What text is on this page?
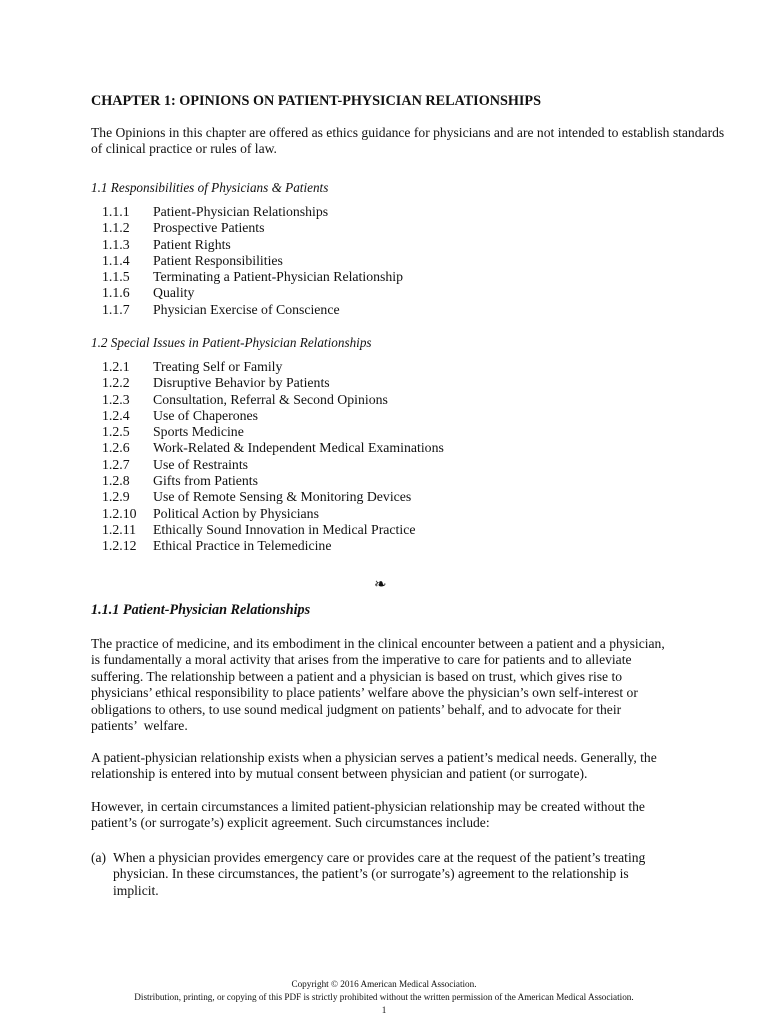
CHAPTER 1: OPINIONS ON PATIENT-PHYSICIAN RELATIONSHIPS
The Opinions in this chapter are offered as ethics guidance for physicians and are not intended to establish standards
of clinical practice or rules of law.
1.1 Responsibilities of Physicians & Patients
1.1.1 Patient-Physician Relationships
1.1.2 Prospective Patients
1.1.3 Patient Rights
1.1.4 Patient Responsibilities
1.1.5 Terminating a Patient-Physician Relationship
1.1.6 Quality
1.1.7 Physician Exercise of Conscience
1.2 Special Issues in Patient-Physician Relationships
1.2.1 Treating Self or Family
1.2.2 Disruptive Behavior by Patients
1.2.3 Consultation, Referral & Second Opinions
1.2.4 Use of Chaperones
1.2.5 Sports Medicine
1.2.6 Work-Related & Independent Medical Examinations
1.2.7 Use of Restraints
1.2.8 Gifts from Patients
1.2.9 Use of Remote Sensing & Monitoring Devices
1.2.10 Political Action by Physicians
1.2.11 Ethically Sound Innovation in Medical Practice
1.2.12 Ethical Practice in Telemedicine
❧
1.1.1 Patient-Physician Relationships
The practice of medicine, and its embodiment in the clinical encounter between a patient and a physician,
is fundamentally a moral activity that arises from the imperative to care for patients and to alleviate
suffering. The relationship between a patient and a physician is based on trust, which gives rise to
physicians’ ethical responsibility to place patients’ welfare above the physician’s own self-interest or
obligations to others, to use sound medical judgment on patients’ behalf, and to advocate for their
patients’  welfare.
A patient-physician relationship exists when a physician serves a patient’s medical needs. Generally, the
relationship is entered into by mutual consent between physician and patient (or surrogate).
However, in certain circumstances a limited patient-physician relationship may be created without the
patient’s (or surrogate’s) explicit agreement. Such circumstances include:
(a) When a physician provides emergency care or provides care at the request of the patient’s treating
physician. In these circumstances, the patient’s (or surrogate’s) agreement to the relationship is
implicit.
Copyright © 2016 American Medical Association.
Distribution, printing, or copying of this PDF is strictly prohibited without the written permission of the American Medical Association.
1
